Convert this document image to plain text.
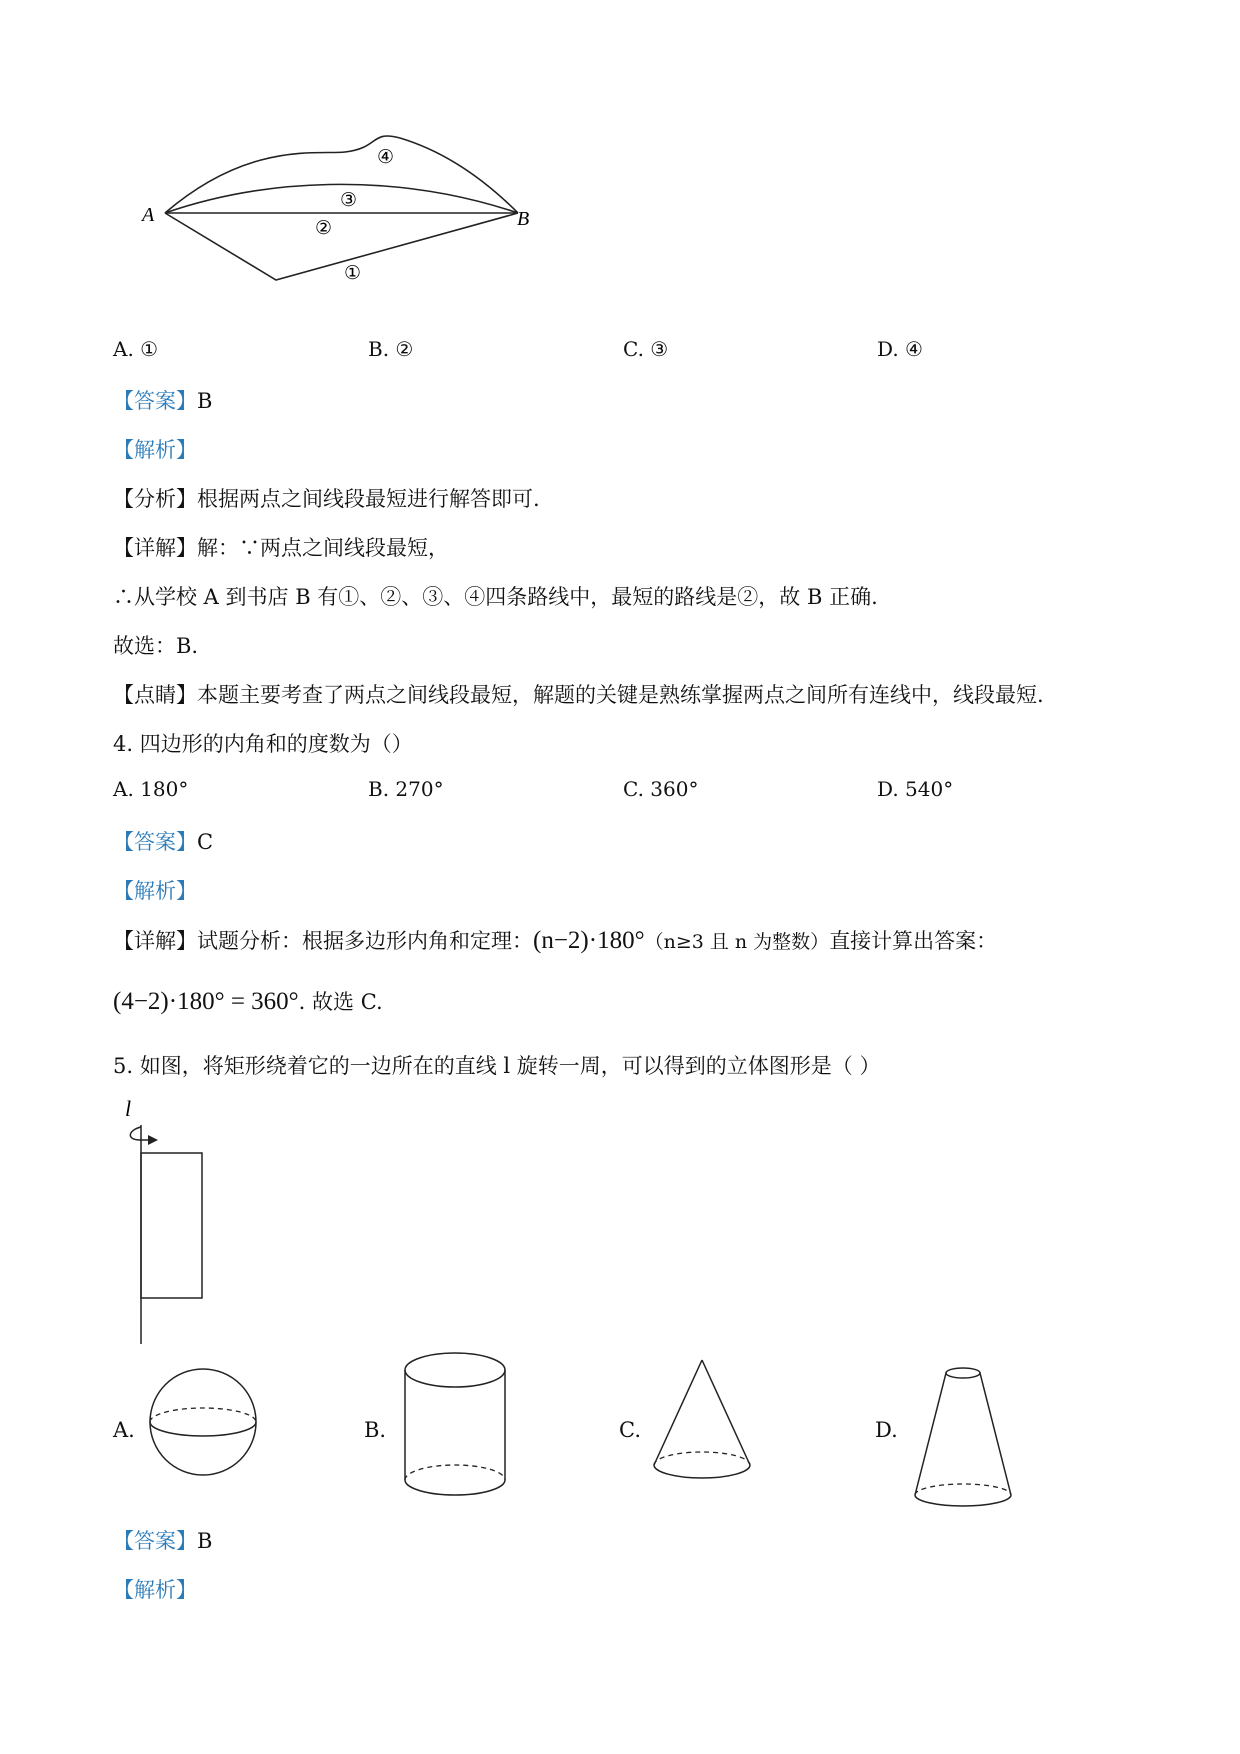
A	B
④
③
②
①
A. ①	B. ②	C. ③	D. ④
【答案】B
【解析】
【分析】根据两点之间线段最短进行解答即可.
【详解】解：∵两点之间线段最短，
∴从学校 A 到书店 B 有①、②、③、④四条路线中，最短的路线是②，故 B 正确.
故选：B.
【点睛】本题主要考查了两点之间线段最短，解题的关键是熟练掌握两点之间所有连线中，线段最短.
4. 四边形的内角和的度数为（）
A. 180°	B. 270°	C. 360°	D. 540°
【答案】C
【解析】
【详解】试题分析：根据多边形内角和定理：(n−2)·180°（n≥3 且 n 为整数）直接计算出答案：
(4−2)·180° = 360°. 故选 C.
5. 如图，将矩形绕着它的一边所在的直线 l 旋转一周，可以得到的立体图形是（ ）
l
A.	B.	C.	D.
【答案】B
【解析】
